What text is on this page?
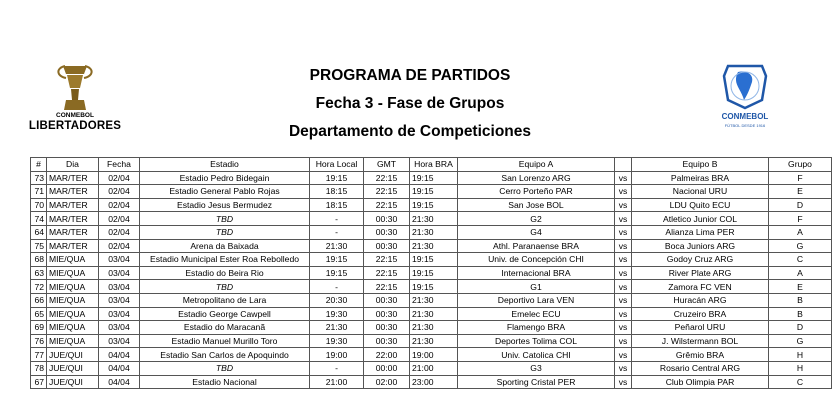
CONMEBOL
LIBERTADORES
PROGRAMA DE PARTIDOS
Fecha 3 - Fase de Grupos
Departamento de Competiciones
CONMEBOL
FÚTBOL DESDE 1916
#	Dia	Fecha	Estadio	Hora Local	GMT	Hora BRA	Equipo A		Equipo B	Grupo
73	MAR/TER	02/04	Estadio Pedro Bidegain	19:15	22:15	19:15	San Lorenzo ARG	vs	Palmeiras BRA	F
71	MAR/TER	02/04	Estadio General Pablo Rojas	18:15	22:15	19:15	Cerro Porteño PAR	vs	Nacional URU	E
70	MAR/TER	02/04	Estadio Jesus Bermudez	18:15	22:15	19:15	San Jose BOL	vs	LDU Quito ECU	D
74	MAR/TER	02/04	TBD	-	00:30	21:30	G2	vs	Atletico Junior COL	F
64	MAR/TER	02/04	TBD	-	00:30	21:30	G4	vs	Alianza Lima PER	A
75	MAR/TER	02/04	Arena da Baixada	21:30	00:30	21:30	Athl. Paranaense BRA	vs	Boca Juniors ARG	G
68	MIE/QUA	03/04	Estadio Municipal Ester Roa Rebolledo	19:15	22:15	19:15	Univ. de Concepción CHI	vs	Godoy Cruz ARG	C
63	MIE/QUA	03/04	Estadio do Beira Rio	19:15	22:15	19:15	Internacional BRA	vs	River Plate ARG	A
72	MIE/QUA	03/04	TBD	-	22:15	19:15	G1	vs	Zamora FC VEN	E
66	MIE/QUA	03/04	Metropolitano de Lara	20:30	00:30	21:30	Deportivo Lara VEN	vs	Huracán ARG	B
65	MIE/QUA	03/04	Estadio George Cawpell	19:30	00:30	21:30	Emelec ECU	vs	Cruzeiro BRA	B
69	MIE/QUA	03/04	Estadio do Maracanã	21:30	00:30	21:30	Flamengo BRA	vs	Peñarol URU	D
76	MIE/QUA	03/04	Estadio Manuel Murillo Toro	19:30	00:30	21:30	Deportes Tolima COL	vs	J. Wilstermann BOL	G
77	JUE/QUI	04/04	Estadio San Carlos de Apoquindo	19:00	22:00	19:00	Univ. Catolica CHI	vs	Grêmio BRA	H
78	JUE/QUI	04/04	TBD	-	00:00	21:00	G3	vs	Rosario Central ARG	H
67	JUE/QUI	04/04	Estadio Nacional	21:00	02:00	23:00	Sporting Cristal PER	vs	Club Olimpia PAR	C
